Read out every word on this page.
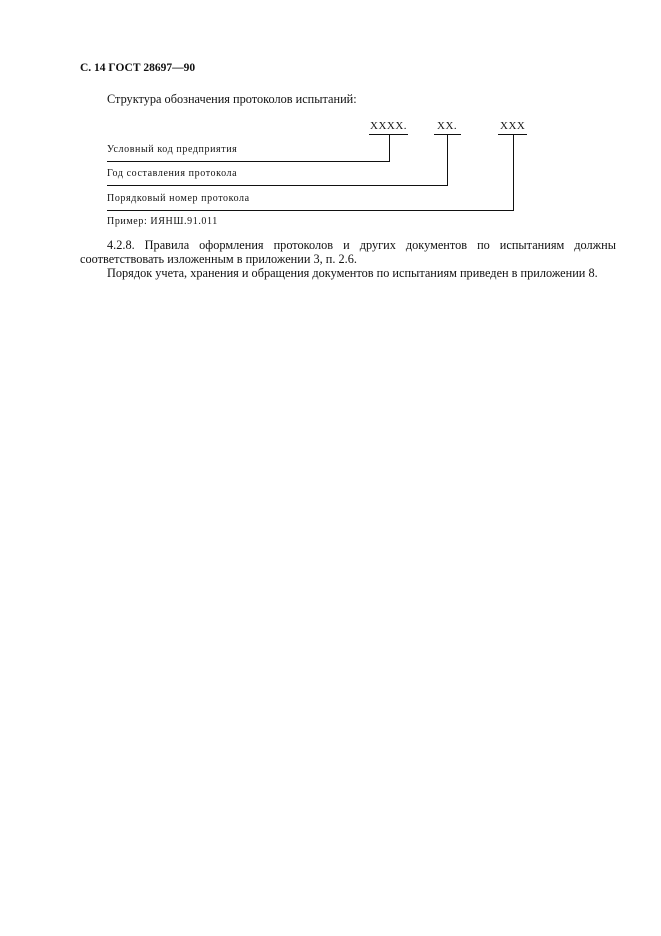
С. 14 ГОСТ 28697—90
Структура обозначения протоколов испытаний:
XXXX.	XX.	XXX
Условный код предприятия
Год составления протокола
Порядковый номер протокола
Пример: ИЯНШ.91.011
4.2.8. Правила оформления протоколов и других документов по испытаниям должны
соответствовать изложенным в приложении 3, п. 2.6.
Порядок учета, хранения и обращения документов по испытаниям приведен в приложении 8.
